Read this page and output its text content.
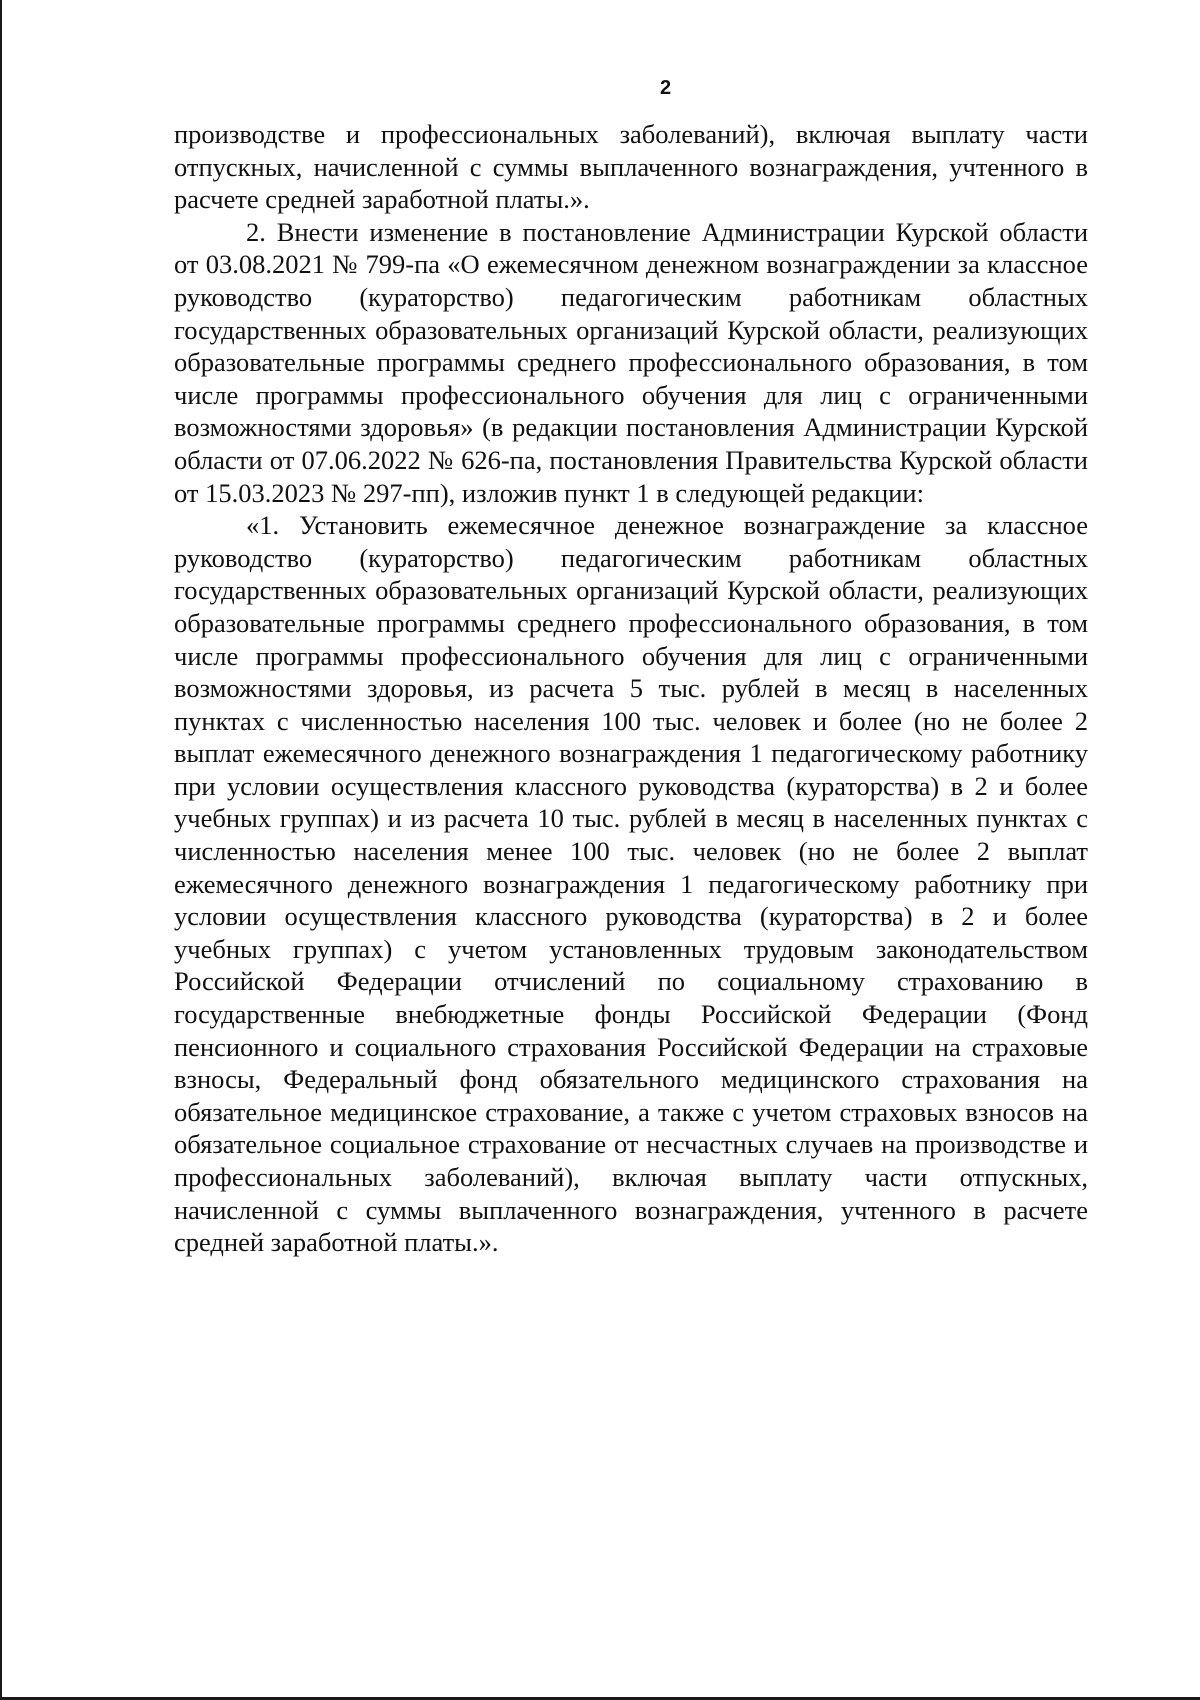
2

производстве и профессиональных заболеваний), включая выплату части отпускных, начисленной с суммы выплаченного вознаграждения, учтенного в расчете средней заработной платы.».

2. Внести изменение в постановление Администрации Курской области от 03.08.2021 № 799-па «О ежемесячном денежном вознаграждении за классное руководство (кураторство) педагогическим работникам областных государственных образовательных организаций Курской области, реализующих образовательные программы среднего профессионального образования, в том числе программы профессионального обучения для лиц с ограниченными возможностями здоровья» (в редакции постановления Администрации Курской области от 07.06.2022 № 626-па, постановления Правительства Курской области от 15.03.2023 № 297-пп), изложив пункт 1 в следующей редакции:

«1. Установить ежемесячное денежное вознаграждение за классное руководство (кураторство) педагогическим работникам областных государственных образовательных организаций Курской области, реализующих образовательные программы среднего профессионального образования, в том числе программы профессионального обучения для лиц с ограниченными возможностями здоровья, из расчета 5 тыс. рублей в месяц в населенных пунктах с численностью населения 100 тыс. человек и более (но не более 2 выплат ежемесячного денежного вознаграждения 1 педагогическому работнику при условии осуществления классного руководства (кураторства) в 2 и более учебных группах) и из расчета 10 тыс. рублей в месяц в населенных пунктах с численностью населения менее 100 тыс. человек (но не более 2 выплат ежемесячного денежного вознаграждения 1 педагогическому работнику при условии осуществления классного руководства (кураторства) в 2 и более учебных группах) с учетом установленных трудовым законодательством Российской Федерации отчислений по социальному страхованию в государственные внебюджетные фонды Российской Федерации (Фонд пенсионного и социального страхования Российской Федерации на страховые взносы, Федеральный фонд обязательного медицинского страхования на обязательное медицинское страхование, а также с учетом страховых взносов на обязательное социальное страхование от несчастных случаев на производстве и профессиональных заболеваний), включая выплату части отпускных, начисленной с суммы выплаченного вознаграждения, учтенного в расчете средней заработной платы.».
